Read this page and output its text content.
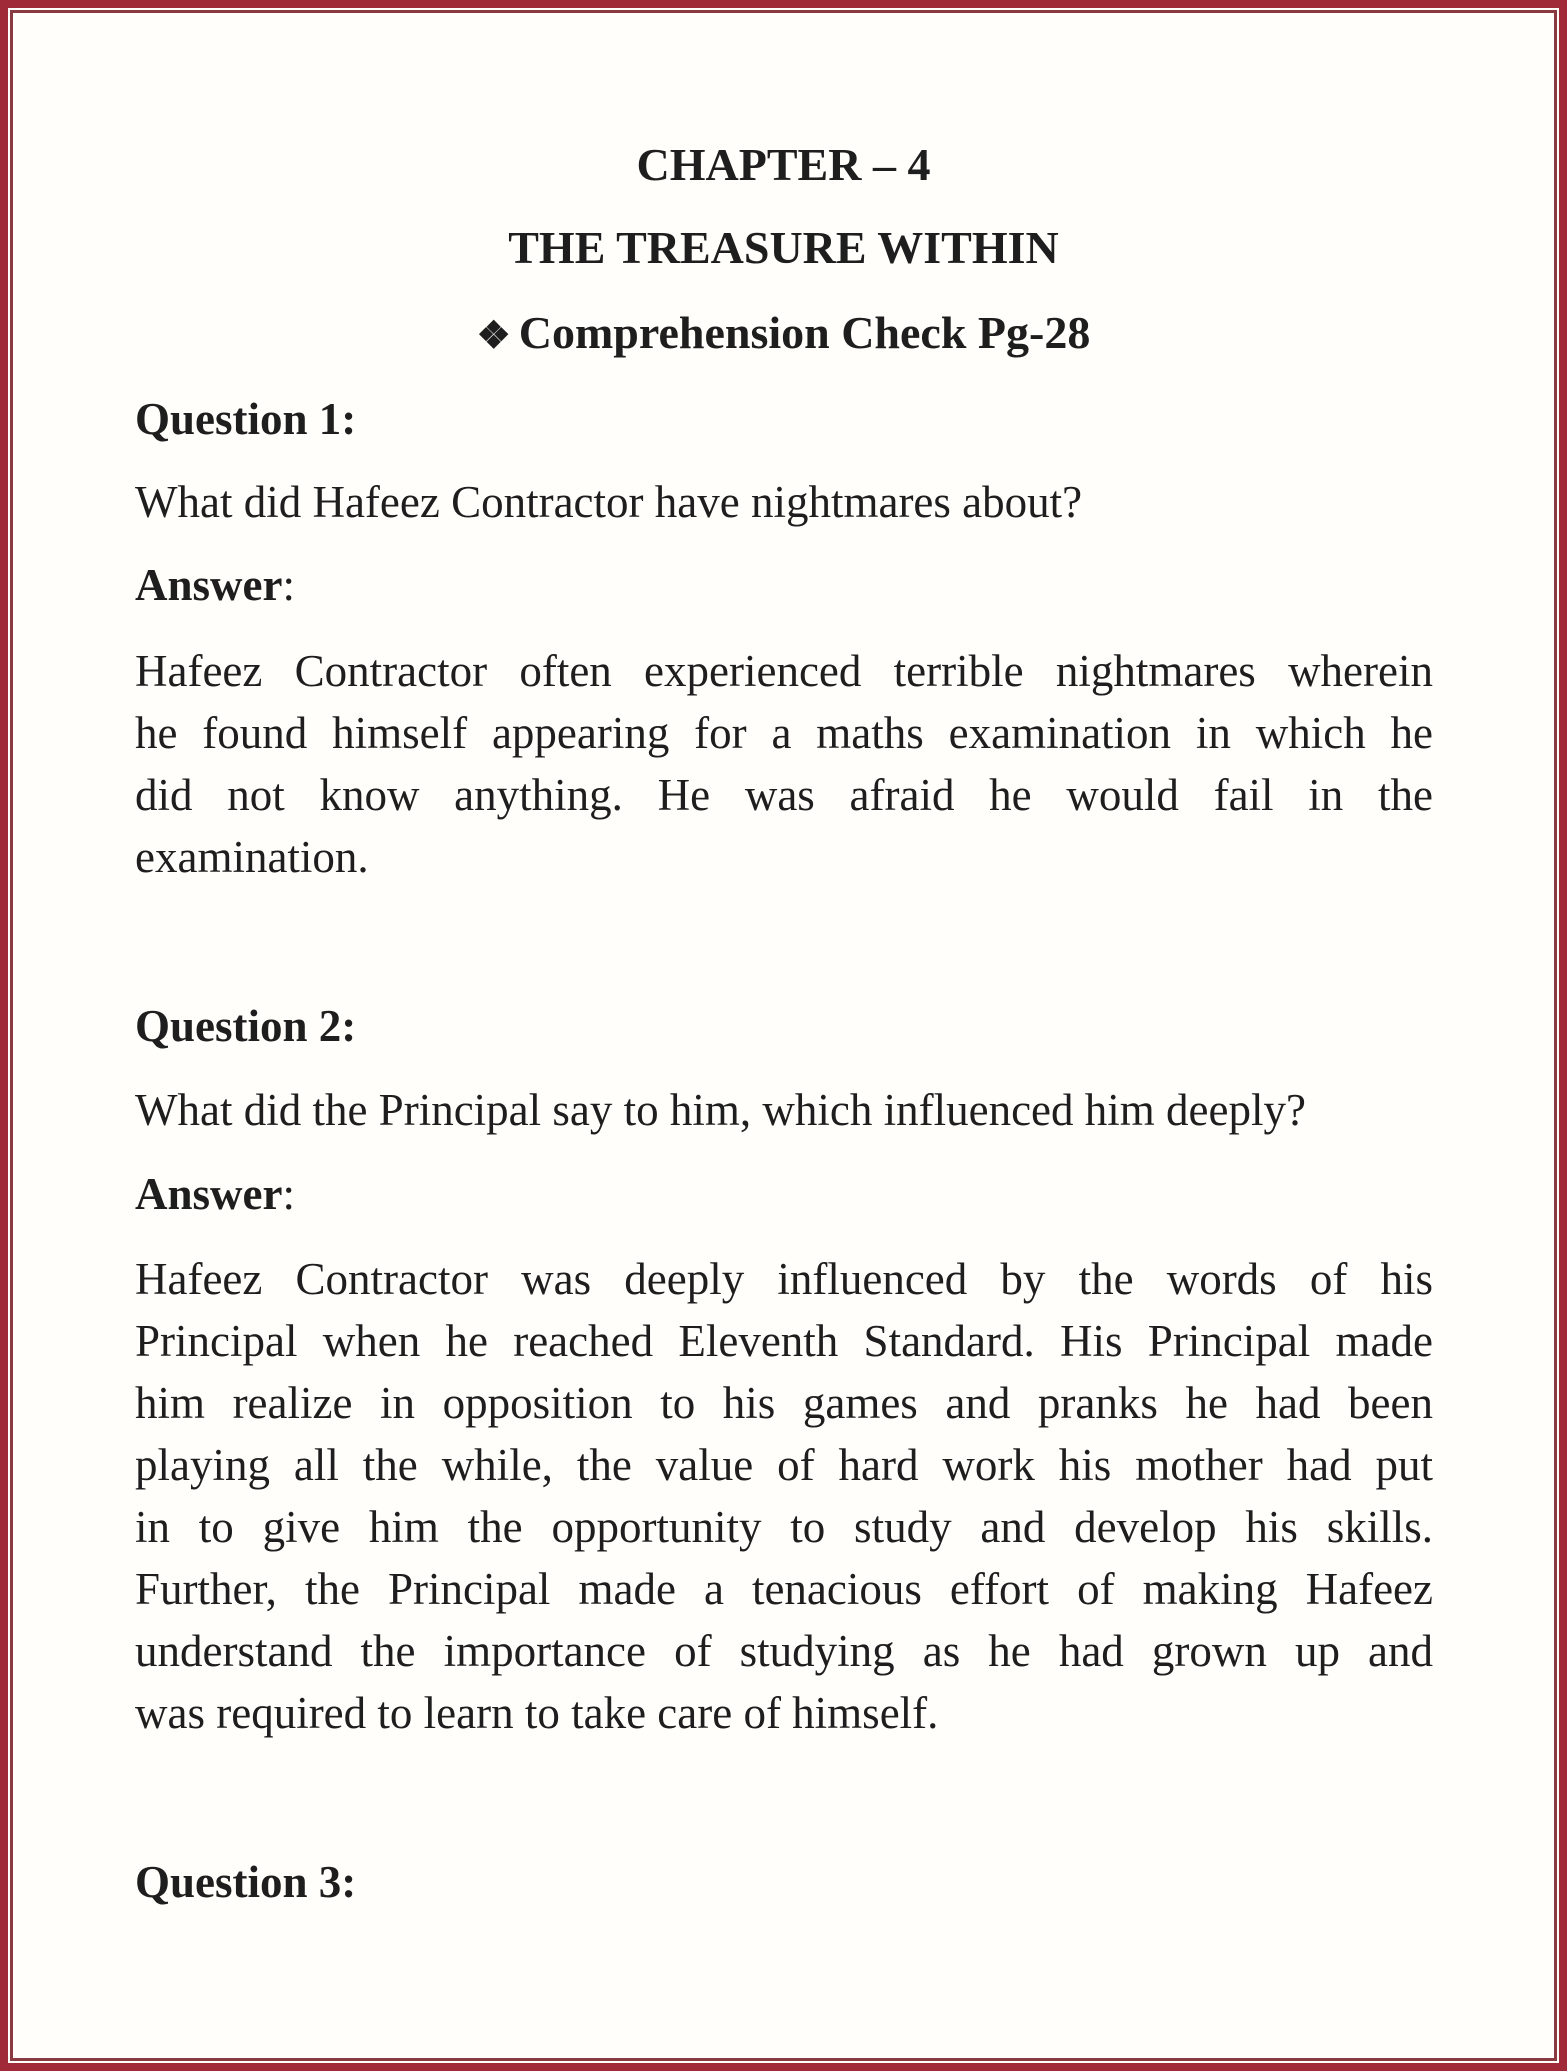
CHAPTER – 4
THE TREASURE WITHIN
❖ Comprehension Check Pg-28
Question 1:
What did Hafeez Contractor have nightmares about?
Answer:
Hafeez Contractor often experienced terrible nightmares wherein
he found himself appearing for a maths examination in which he
did not know anything. He was afraid he would fail in the
examination.
Question 2:
What did the Principal say to him, which influenced him deeply?
Answer:
Hafeez Contractor was deeply influenced by the words of his
Principal when he reached Eleventh Standard. His Principal made
him realize in opposition to his games and pranks he had been
playing all the while, the value of hard work his mother had put
in to give him the opportunity to study and develop his skills.
Further, the Principal made a tenacious effort of making Hafeez
understand the importance of studying as he had grown up and
was required to learn to take care of himself.
Question 3:
